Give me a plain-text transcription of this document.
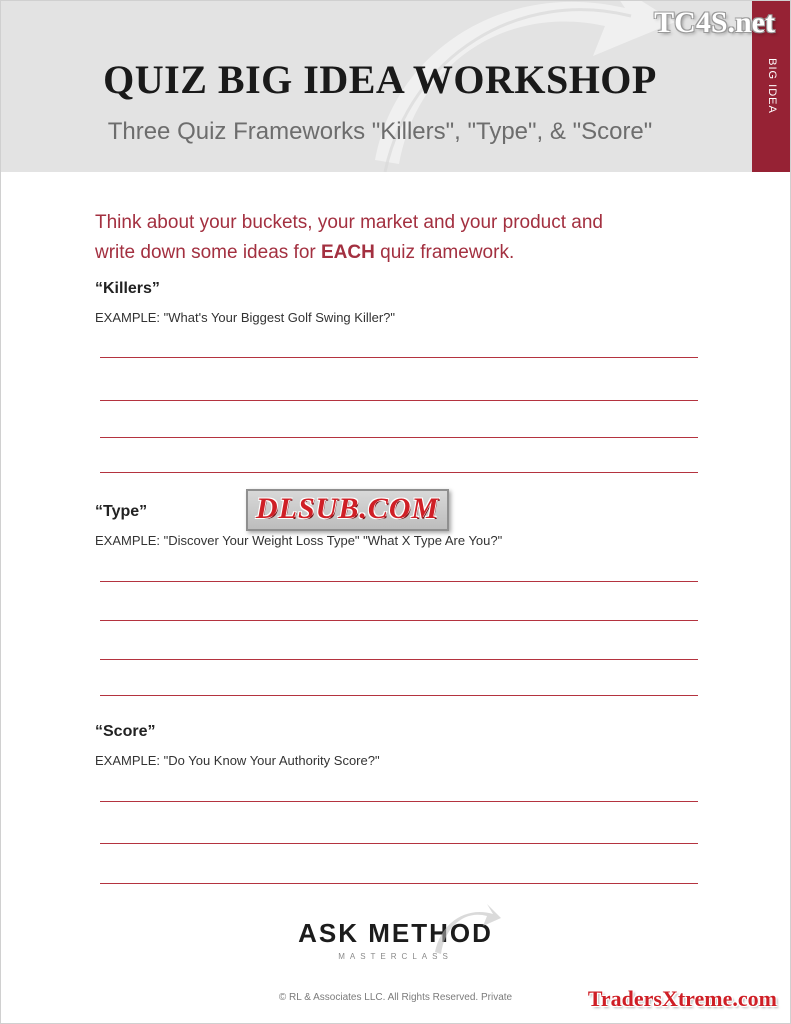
QUIZ BIG IDEA WORKSHOP
Three Quiz Frameworks "Killers", "Type", & "Score"
BIG IDEA
TC4S.net
Think about your buckets, your market and your product and
write down some ideas for EACH quiz framework.
“Killers”
EXAMPLE: "What's Your Biggest Golf Swing Killer?"
“Type”
EXAMPLE: "Discover Your Weight Loss Type" "What X Type Are You?"
“Score”
EXAMPLE: "Do You Know Your Authority Score?"
DLSUB.COM
ASK METHOD
MASTERCLASS
© RL & Associates LLC. All Rights Reserved. Private	TradersXtreme.com
